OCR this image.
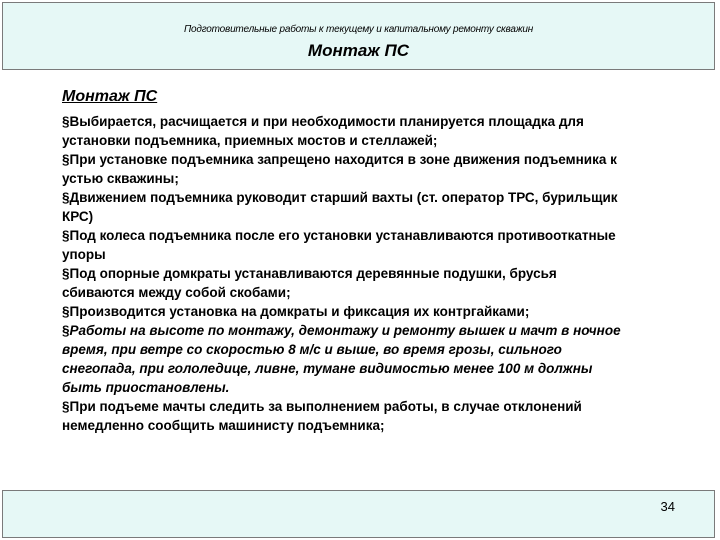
Подготовительные работы к текущему и капитальному ремонту скважин
Монтаж ПС
Монтаж ПС
§ Выбирается, расчищается и при необходимости планируется площадка для установки подъемника, приемных мостов и стеллажей;
§ При установке подъемника запрещено находится в зоне движения подъемника к устью скважины;
§ Движением подъемника руководит старший вахты (ст. оператор ТРС, бурильщик КРС)
§ Под колеса подъемника после его установки устанавливаются противооткатные упоры
§ Под опорные домкраты устанавливаются деревянные подушки, брусья сбиваются между собой скобами;
§ Производится установка на домкраты и фиксация их контргайками;
§ Работы на высоте по монтажу, демонтажу и ремонту вышек и мачт в ночное время, при ветре со скоростью 8 м/с и выше, во время грозы, сильного снегопада, при гололедице, ливне, тумане видимостью менее 100 м должны быть приостановлены.
§ При подъеме мачты следить за выполнением работы, в случае отклонений немедленно сообщить машинисту подъемника;
34
